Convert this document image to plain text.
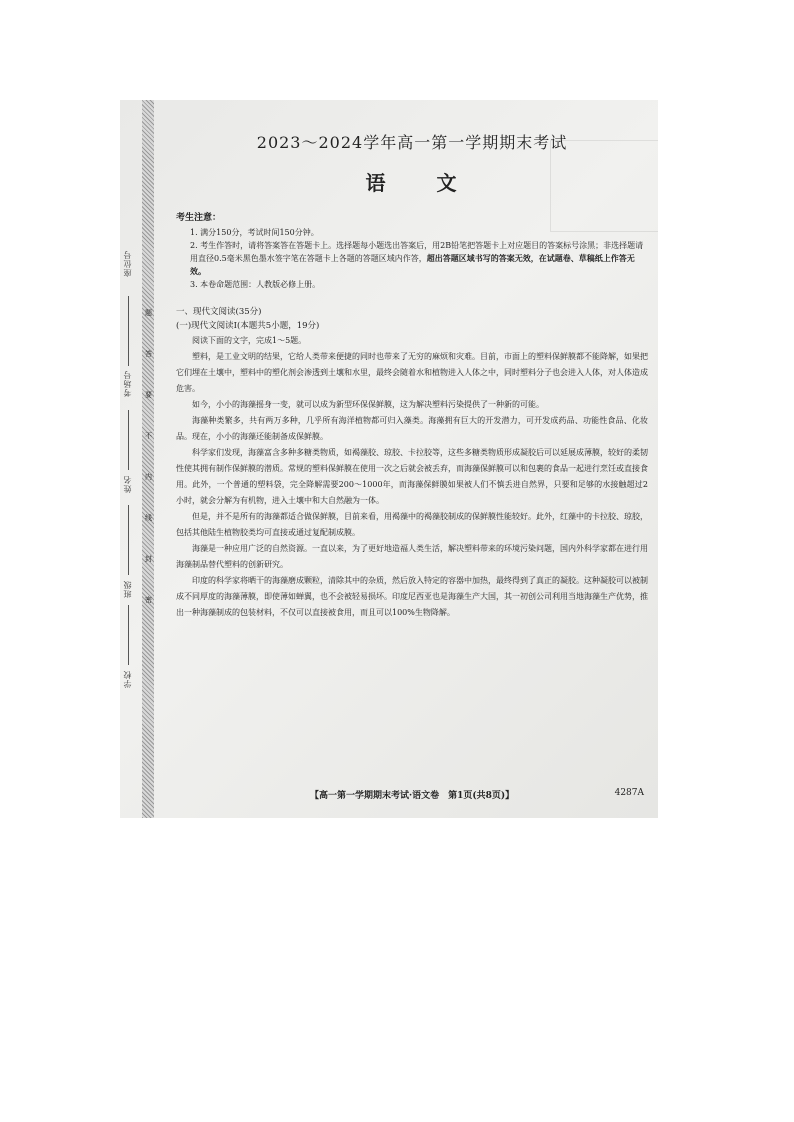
座位号
考场号
姓名
班级
学校
题
答
要
不
内
线
封
密
2023～2024学年高一第一学期期末考试
语 文
考生注意：

1. 满分150分，考试时间150分钟。

2. 考生作答时，请将答案答在答题卡上。选择题每小题选出答案后，用2B铅笔把答题卡上对应题目的答案标号涂黑；非选择题请用直径0.5毫米黑色墨水签字笔在答题卡上各题的答题区域内作答，超出答题区域书写的答案无效，在试题卷、草稿纸上作答无效。

3. 本卷命题范围：人教版必修上册。

一、现代文阅读(35分)
(一)现代文阅读Ⅰ(本题共5小题，19分)

阅读下面的文字，完成1～5题。

塑料，是工业文明的结果，它给人类带来便捷的同时也带来了无穷的麻烦和灾难。目前，市面上的塑料保鲜膜都不能降解，如果把它们埋在土壤中，塑料中的塑化剂会渗透到土壤和水里，最终会随着水和植物进入人体之中，同时塑料分子也会进入人体，对人体造成危害。

如今，小小的海藻摇身一变，就可以成为新型环保保鲜膜，这为解决塑料污染提供了一种新的可能。

海藻种类繁多，共有两万多种，几乎所有海洋植物都可归入藻类。海藻拥有巨大的开发潜力，可开发成药品、功能性食品、化妆品。现在，小小的海藻还能制备成保鲜膜。

科学家们发现，海藻富含多种多糖类物质，如褐藻胶、琼胶、卡拉胶等，这些多糖类物质形成凝胶后可以延展成薄膜，较好的柔韧性使其拥有制作保鲜膜的潜质。常规的塑料保鲜膜在使用一次之后就会被丢弃，而海藻保鲜膜可以和包裹的食品一起进行烹饪或直接食用。此外，一个普通的塑料袋，完全降解需要200～1000年，而海藻保鲜膜如果被人们不慎丢进自然界，只要和足够的水接触超过2小时，就会分解为有机物，进入土壤中和大自然融为一体。

但是，并不是所有的海藻都适合做保鲜膜，目前来看，用褐藻中的褐藻胶制成的保鲜膜性能较好。此外，红藻中的卡拉胶、琼胶，包括其他陆生植物胶类均可直接或通过复配制成膜。

海藻是一种应用广泛的自然资源。一直以来，为了更好地造福人类生活，解决塑料带来的环境污染问题，国内外科学家都在进行用海藻制品替代塑料的创新研究。

印度的科学家将晒干的海藻磨成颗粒，清除其中的杂质，然后放入特定的容器中加热，最终得到了真正的凝胶。这种凝胶可以被制成不同厚度的海藻薄膜，即使薄如蝉翼，也不会被轻易损坏。印度尼西亚也是海藻生产大国，其一初创公司利用当地海藻生产优势，推出一种海藻制成的包装材料，不仅可以直接被食用，而且可以100%生物降解。

【高一第一学期期末考试·语文卷　第1页(共8页)】	4287A
